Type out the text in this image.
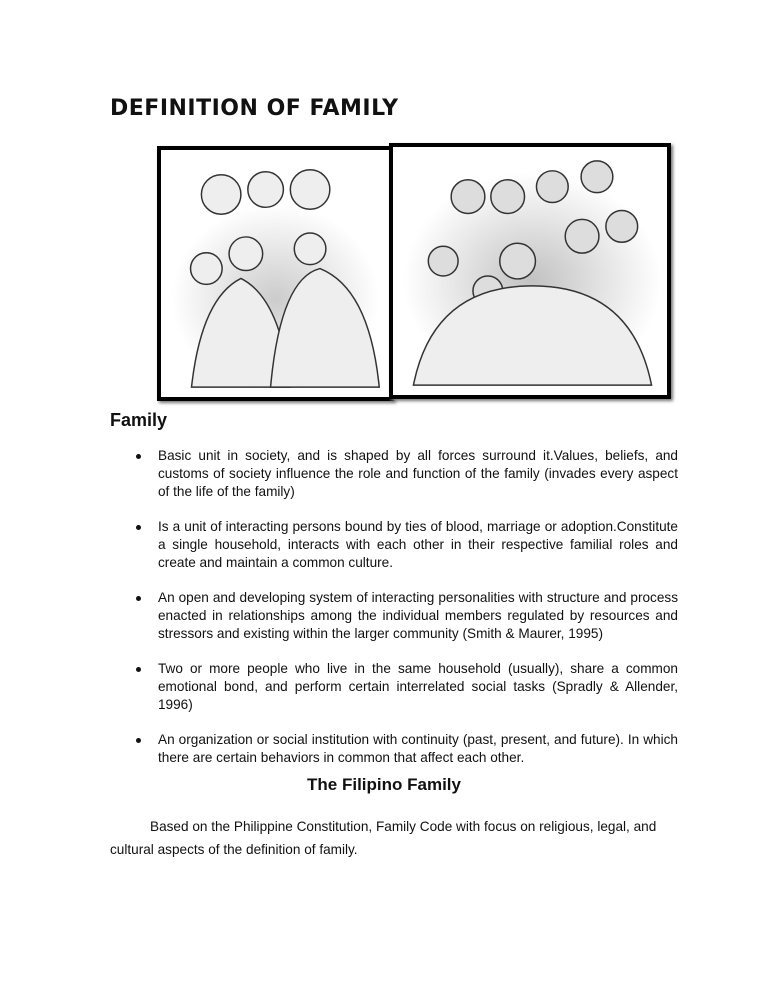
DEFINITION OF FAMILY
Family
Basic unit in society, and is shaped by all forces surround it.Values, beliefs, and customs of society influence the role and function of the family (invades every aspect of the life of the family)
Is a unit of interacting persons bound by ties of blood, marriage or adoption.Constitute a single household, interacts with each other in their respective familial roles and create and maintain a common culture.
An open and developing system of interacting personalities with structure and process enacted in relationships among the individual members regulated by resources and stressors and existing within the larger community (Smith & Maurer, 1995)
Two or more people who live in the same household (usually), share a common emotional bond, and perform certain interrelated social tasks (Spradly & Allender, 1996)
An organization or social institution with continuity (past, present, and future). In which there are certain behaviors in common that affect each other.
The Filipino Family
Based on the Philippine Constitution, Family Code with focus on religious, legal, and cultural aspects of the definition of family.
